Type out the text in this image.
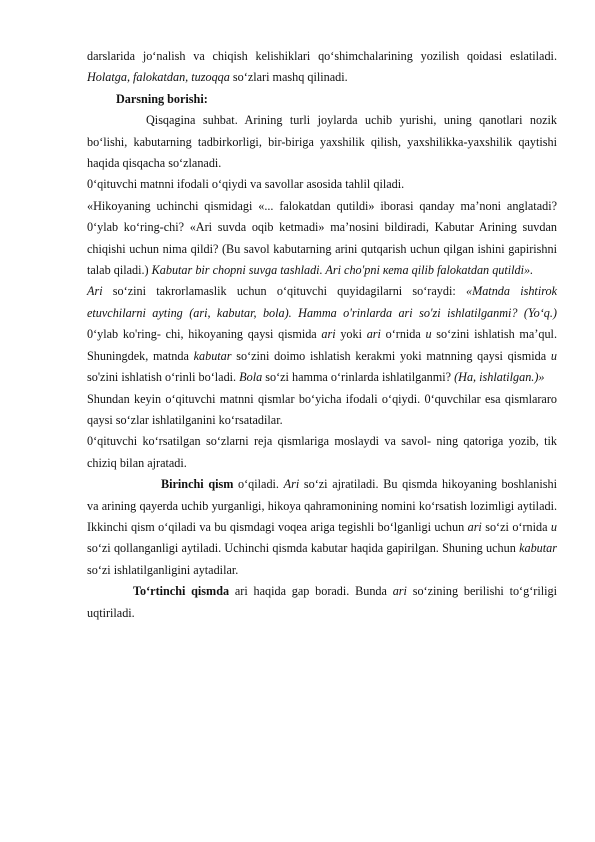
darslarida jo‘nalish va chiqish kelishiklari qo‘shimchalarining yozilish qoidasi eslatiladi. Holatga, falokatdan, tuzoqqa so‘zlari mashq qilinadi.

Darsning borishi:

Qisqagina suhbat. Arining turli joylarda uchib yurishi, uning qanotlari nozik bo‘lishi, kabutarning tadbirkorligi, bir-biriga yaxshilik qilish, yaxshilikka-yaxshilik qaytishi haqida qisqacha so‘zlanadi.

0‘qituvchi matnni ifodali o‘qiydi va savollar asosida tahlil qiladi.

«Hikoyaning uchinchi qismidagi «... falokatdan qutildi» iborasi qanday ma’noni anglatadi? 0‘ylab ko‘ring-chi? «Ari suvda oqib ketmadi» ma’nosini bildiradi, Kabutar Arining suvdan chiqishi uchun nima qildi? (Bu savol kabutarning arini qutqarish uchun qilgan ishini gapirishni talab qiladi.) Kabutar bir chopni suvga tashladi. Ari cho'pni кета qilib falokatdan qutildi».

Ari so‘zini takrorlamaslik uchun o‘qituvchi quyidagilarni so‘raydi: «Matnda ishtirok etuvchilarni ayting (ari, kabutar, bola). Hamma o'rinlarda ari so'zi ishlatilganmi? (Yo‘q.) 0‘ylab ko'ring- chi, hikoyaning qaysi qismida ari yoki ari o‘rnida u so‘zini ishlatish ma’qul. Shuningdek, matnda kabutar so‘zini doimo ishlatish kerakmi yoki matnning qaysi qismida u so'zini ishlatish o‘rinli bo‘ladi. Bola so‘zi hamma o‘rinlarda ishlatilganmi? (Ha, ishlatilgan.)»

Shundan keyin o‘qituvchi matnni qismlar bo‘yicha ifodali o‘qiydi. 0‘quvchilar esa qismlararo qaysi so‘zlar ishlatilganini ko‘rsatadilar.

0‘qituvchi ko‘rsatilgan so‘zlarni reja qismlariga moslaydi va savol- ning qatoriga yozib, tik chiziq bilan ajratadi.

Birinchi qism o‘qiladi. Ari so‘zi ajratiladi. Bu qismda hikoyaning boshlanishi va arining qayerda uchib yurganligi, hikoya qahramonining nomini ko‘rsatish lozimligi aytiladi. Ikkinchi qism o‘qiladi va bu qismdagi voqea ariga tegishli bo‘lganligi uchun ari so‘zi o‘rnida u so‘zi qollanganligi aytiladi. Uchinchi qismda kabutar haqida gapirilgan. Shuning uchun kabutar so‘zi ishlatilganligini aytadilar.

To‘rtinchi qismda ari haqida gap boradi. Bunda ari so‘zining berilishi to‘g‘riligi uqtiriladi.
